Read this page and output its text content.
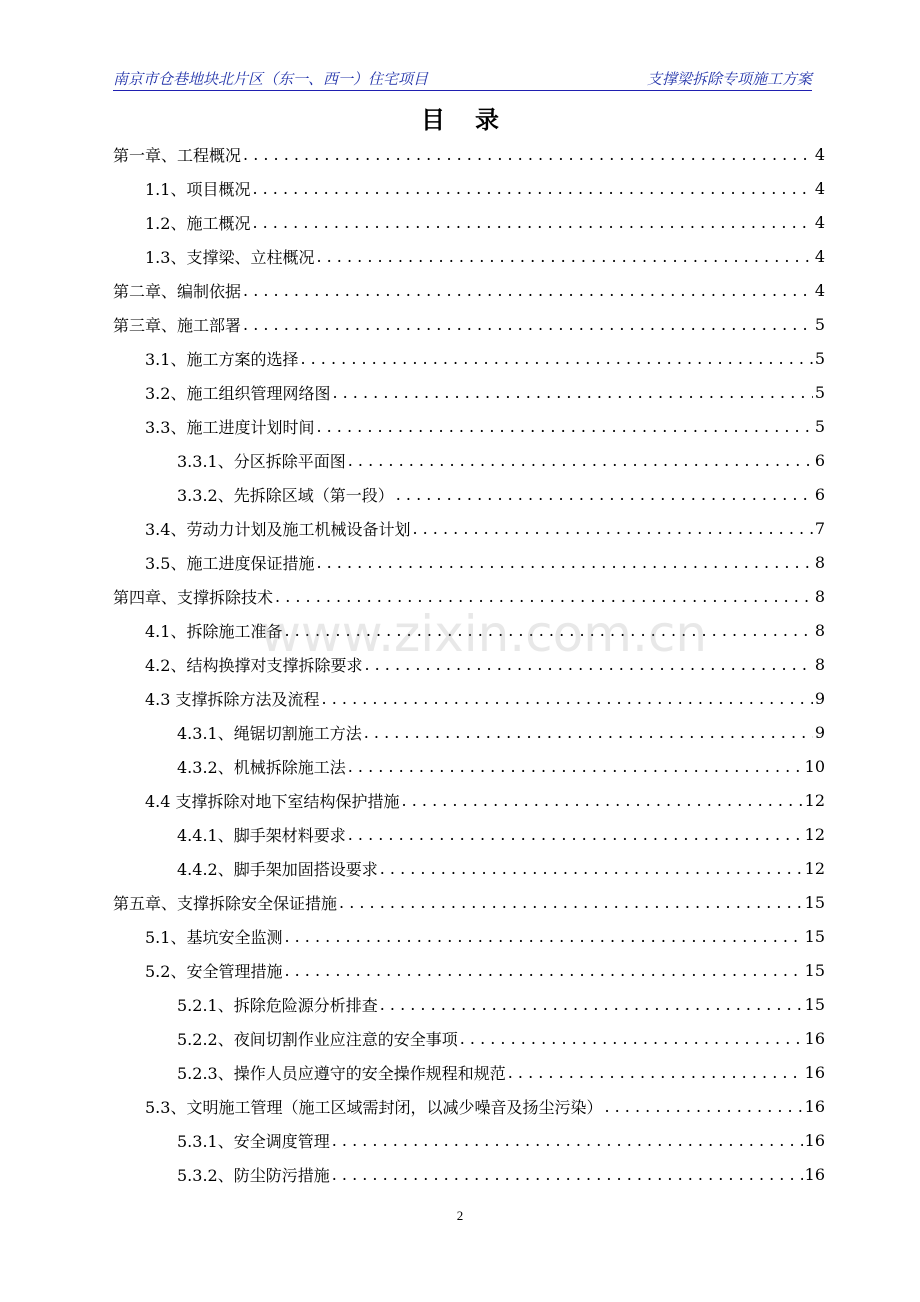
南京市仓巷地块北片区（东一、西一）住宅项目	支撑梁拆除专项施工方案
目录
第一章、工程概况 . . .	4
1.1、项目概况 . . .	4
1.2、施工概况 . . .	4
1.3、支撑梁、立柱概况 . . .	4
第二章、编制依据 . . .	4
第三章、施工部署 . . .	5
3.1、施工方案的选择 . . .	5
3.2、施工组织管理网络图 . . .	5
3.3、施工进度计划时间 . . .	5
3.3.1、分区拆除平面图 . . .	6
3.3.2、先拆除区域（第一段） . . .	6
3.4、劳动力计划及施工机械设备计划 . . .	7
3.5、施工进度保证措施 . . .	8
第四章、支撑拆除技术 . . .	8
4.1、拆除施工准备 . . .	8
4.2、结构换撑对支撑拆除要求 . . .	8
4.3 支撑拆除方法及流程 . . .	9
4.3.1、绳锯切割施工方法 . . .	9
4.3.2、机械拆除施工法 . . .	10
4.4 支撑拆除对地下室结构保护措施 . . .	12
4.4.1、脚手架材料要求 . . .	12
4.4.2、脚手架加固搭设要求 . . .	12
第五章、支撑拆除安全保证措施 . . .	15
5.1、基坑安全监测 . . .	15
5.2、安全管理措施 . . .	15
5.2.1、拆除危险源分析排查 . . .	15
5.2.2、夜间切割作业应注意的安全事项 . . .	16
5.2.3、操作人员应遵守的安全操作规程和规范 . . .	16
5.3、文明施工管理（施工区域需封闭，以减少噪音及扬尘污染） . . .	16
5.3.1、安全调度管理 . . .	16
5.3.2、防尘防污措施 . . .	16
www.zixin.com.cn
2
